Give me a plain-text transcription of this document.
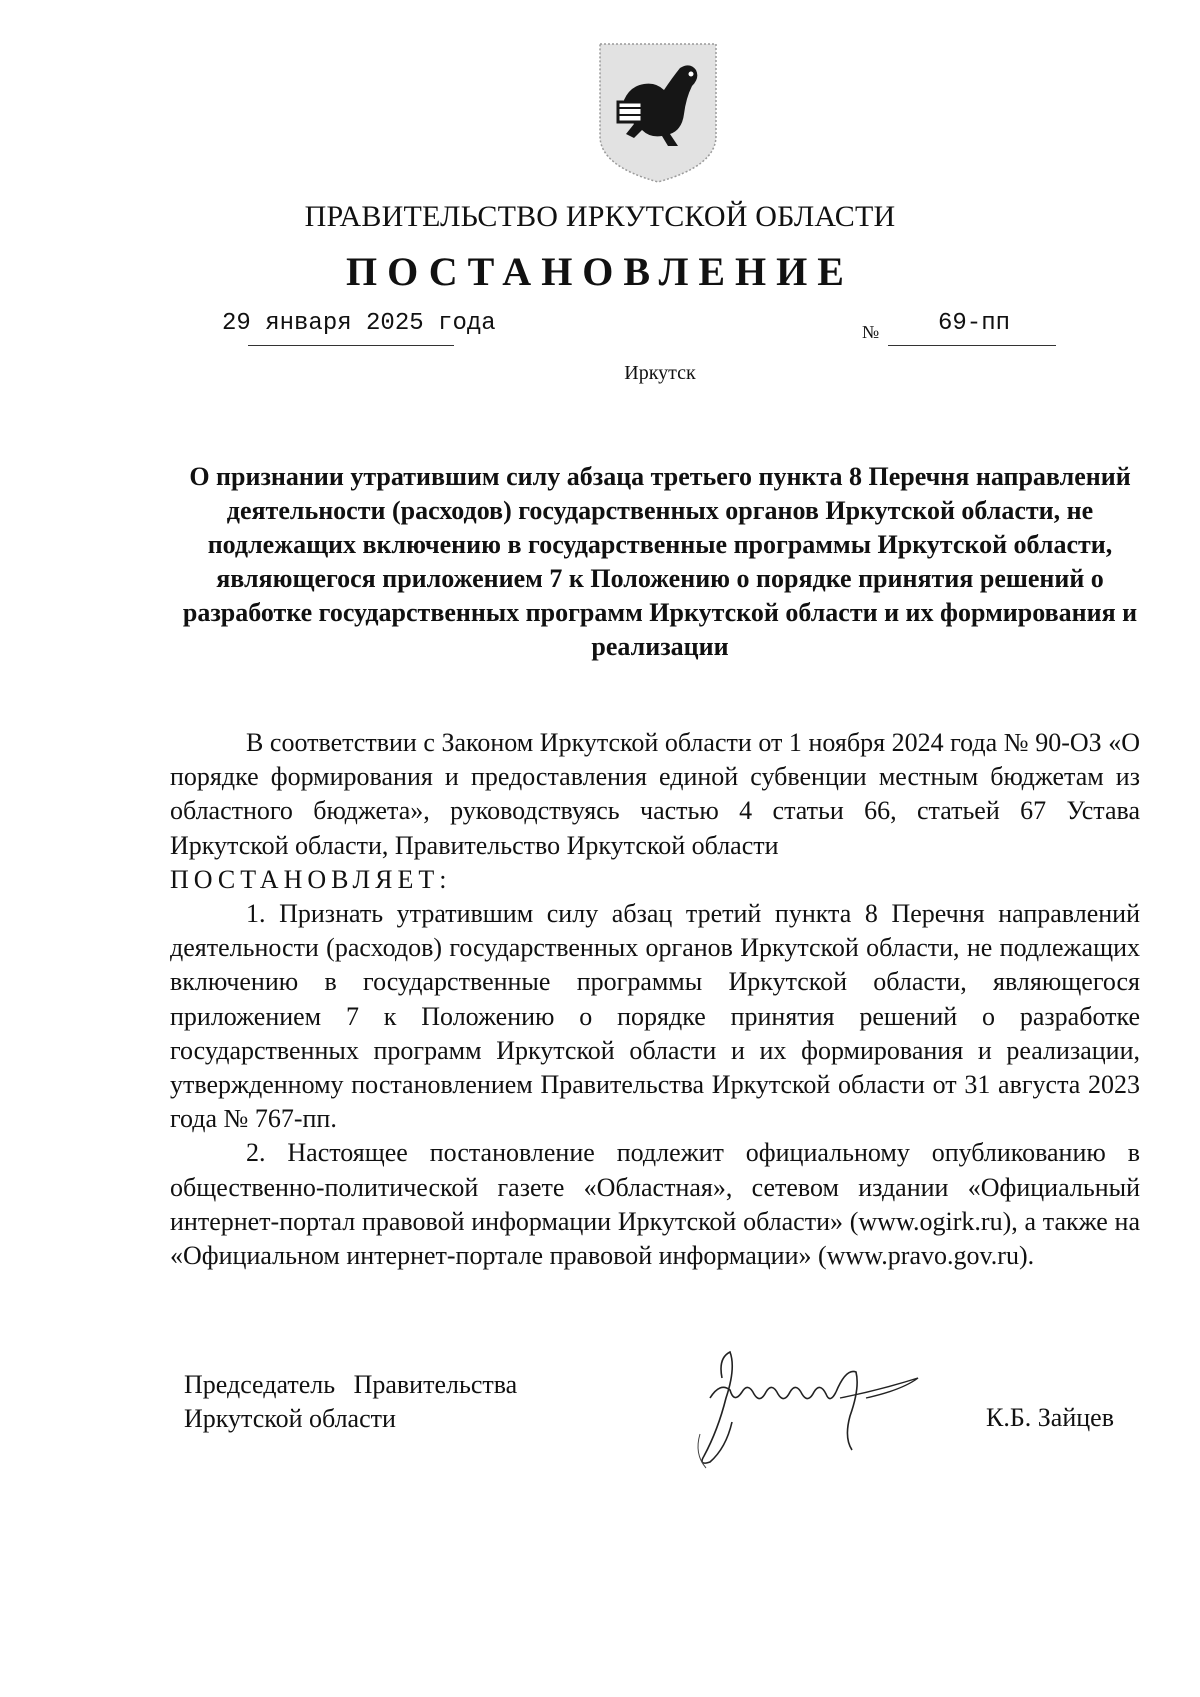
ПРАВИТЕЛЬСТВО ИРКУТСКОЙ ОБЛАСТИ
ПОСТАНОВЛЕНИЕ
29 января 2025 года	№ 69-пп
Иркутск
О признании утратившим силу абзаца третьего пункта 8 Перечня направлений деятельности (расходов) государственных органов Иркутской области, не подлежащих включению в государственные программы Иркутской области, являющегося приложением 7 к Положению о порядке принятия решений о разработке государственных программ Иркутской области и их формирования и реализации

В соответствии с Законом Иркутской области от 1 ноября 2024 года № 90-ОЗ «О порядке формирования и предоставления единой субвенции местным бюджетам из областного бюджета», руководствуясь частью 4 статьи 66, статьей 67 Устава Иркутской области, Правительство Иркутской области

ПОСТАНОВЛЯЕТ:

1. Признать утратившим силу абзац третий пункта 8 Перечня направлений деятельности (расходов) государственных органов Иркутской области, не подлежащих включению в государственные программы Иркутской области, являющегося приложением 7 к Положению о порядке принятия решений о разработке государственных программ Иркутской области и их формирования и реализации, утвержденному постановлением Правительства Иркутской области от 31 августа 2023 года № 767-пп.

2. Настоящее постановление подлежит официальному опубликованию в общественно-политической газете «Областная», сетевом издании «Официальный интернет-портал правовой информации Иркутской области» (www.ogirk.ru), а также на «Официальном интернет-портале правовой информации» (www.pravo.gov.ru).

Председатель Правительства
Иркутской области	К.Б. Зайцев
